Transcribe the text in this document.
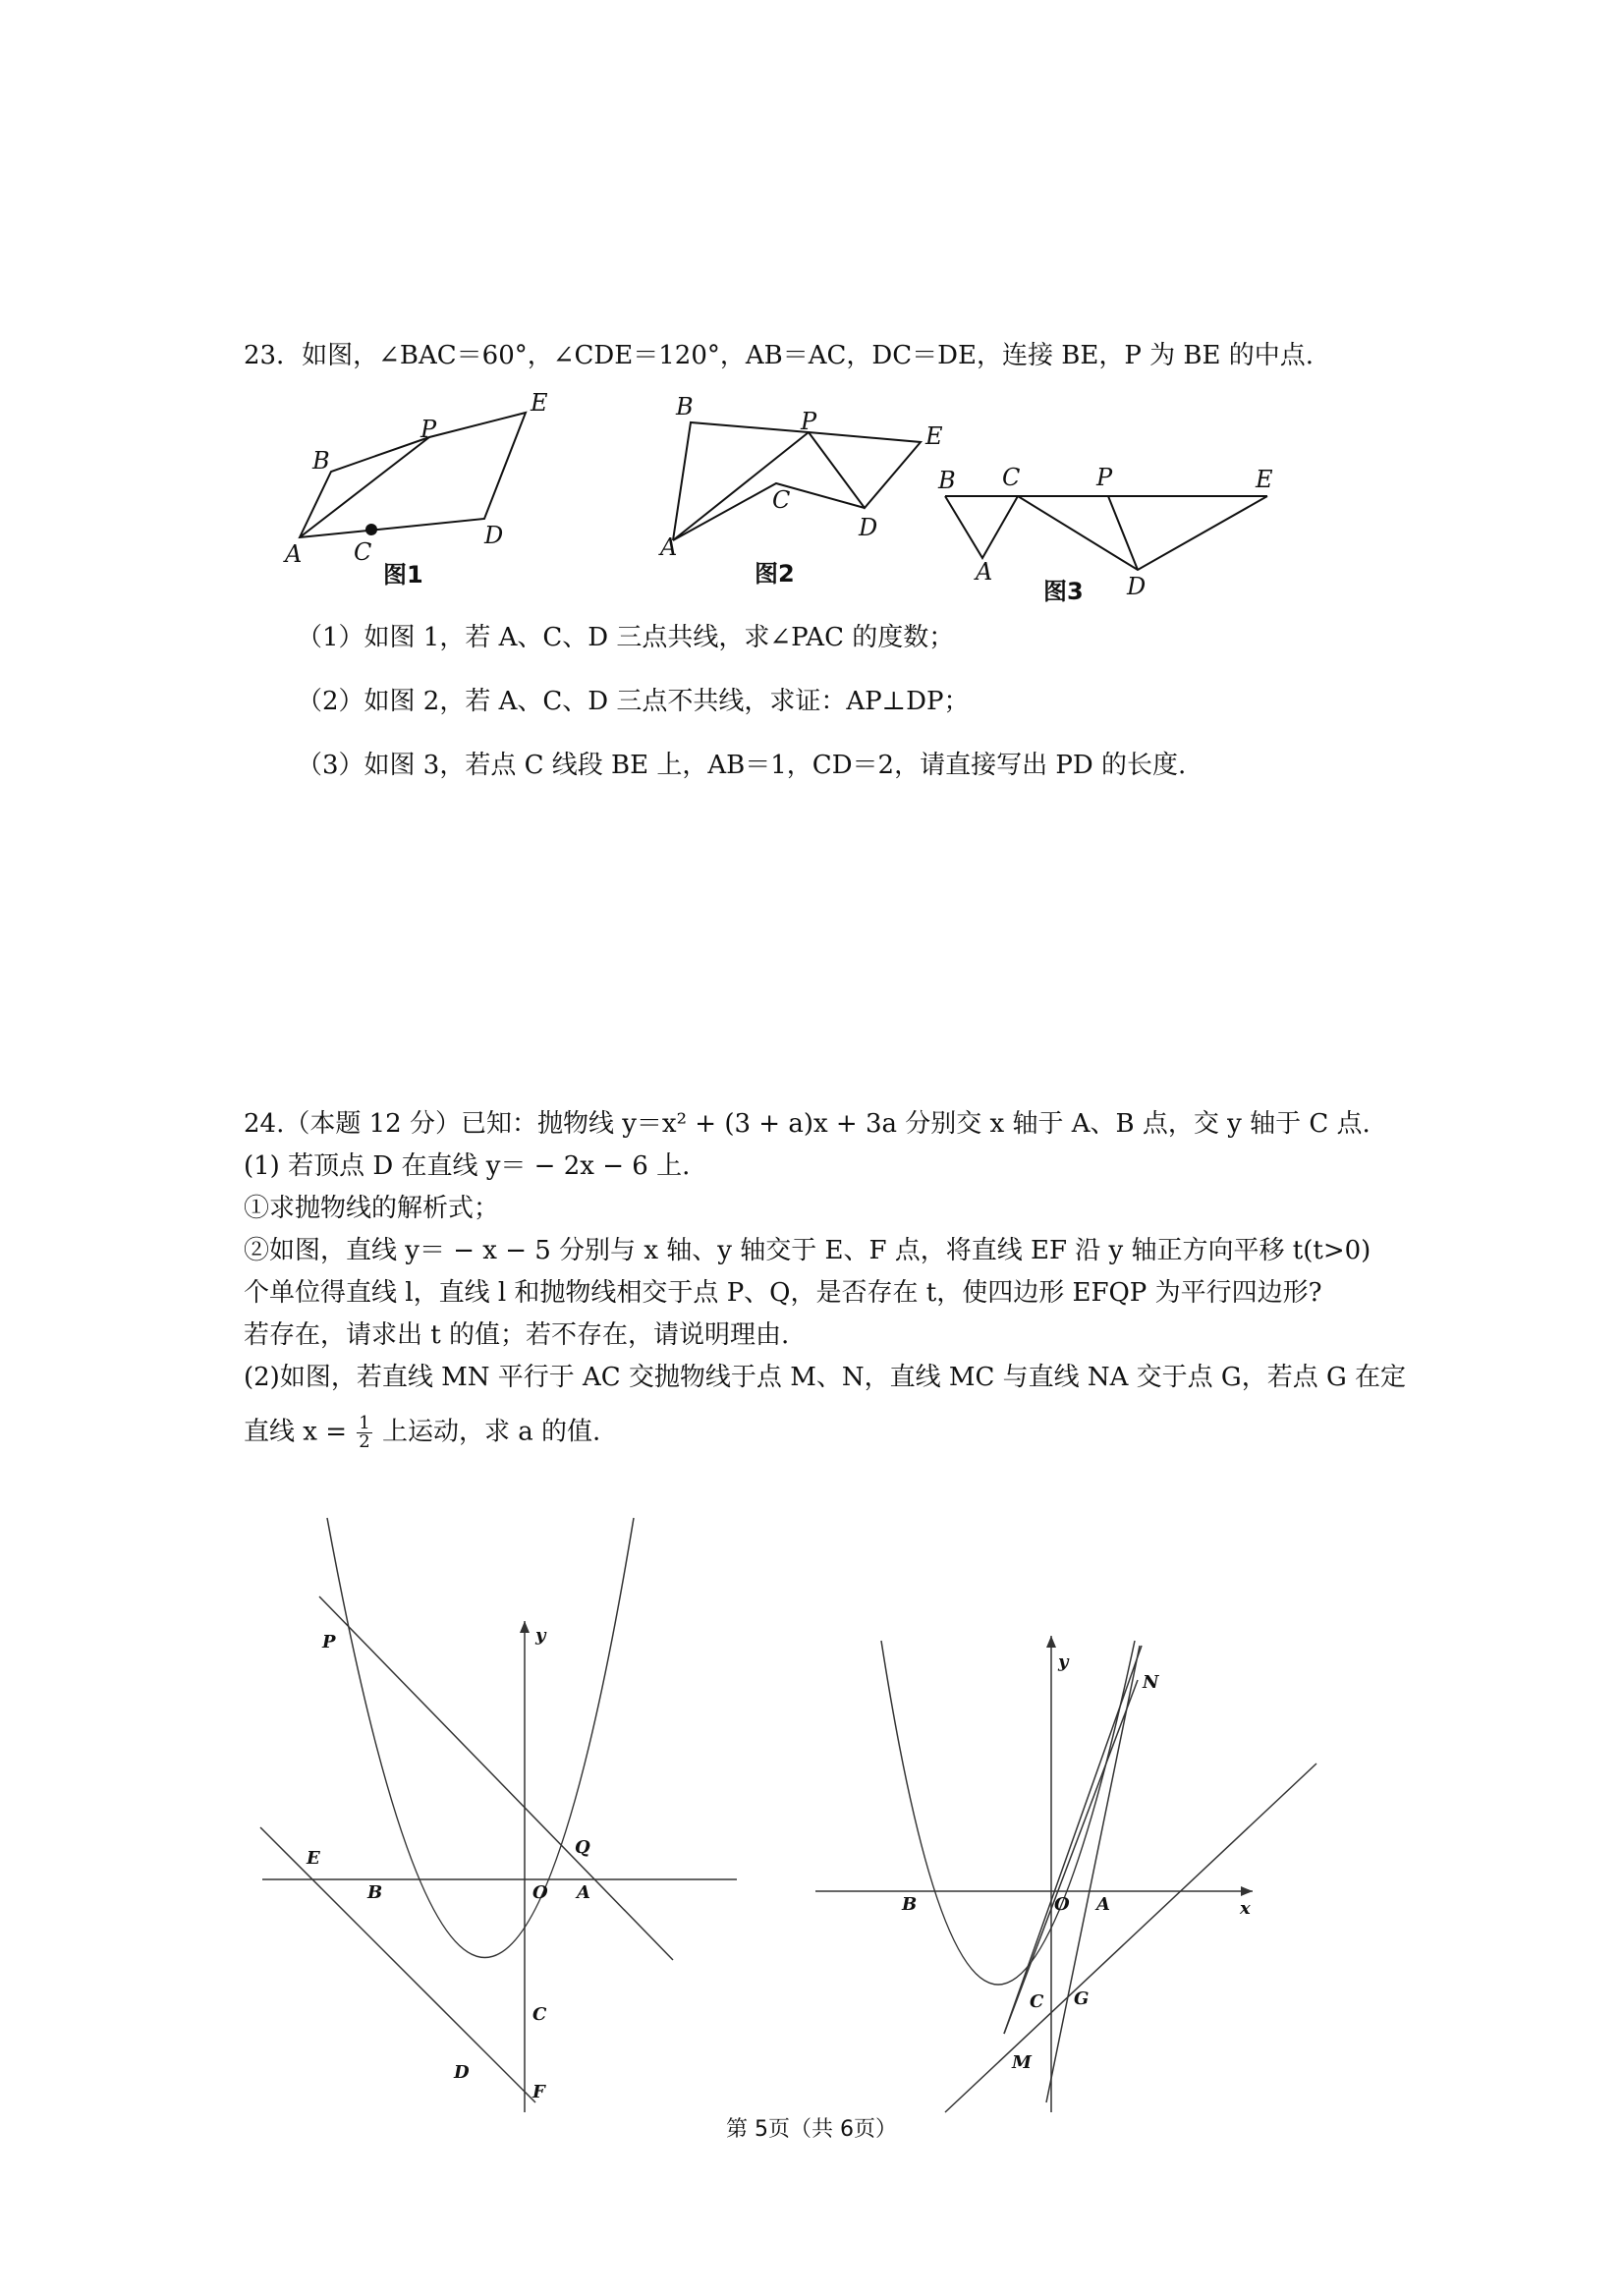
23．如图，∠BAC＝60°，∠CDE＝120°，AB＝AC，DC＝DE，连接 BE，P 为 BE 的中点.
B
P
E
A C
D
图1
B
P
E
C
D
A
图2
B C	P	E
A
D
图3
y
P
Q
E
B	O A
C
D
F
y
x
N
B	O A
C G
M
（1）如图 1，若 A、C、D 三点共线，求∠PAC 的度数；
（2）如图 2，若 A、C、D 三点不共线，求证：AP⊥DP；
（3）如图 3，若点 C 线段 BE 上，AB＝1，CD＝2，请直接写出 PD 的长度.
24.（本题 12 分）已知：抛物线 y＝x² + (3 + a)x + 3a 分别交 x 轴于 A、B 点，交 y 轴于 C 点.
(1) 若顶点 D 在直线 y＝ − 2x − 6 上.
①求抛物线的解析式；
②如图，直线 y＝ − x − 5 分别与 x 轴、y 轴交于 E、F 点，将直线 EF 沿 y 轴正方向平移 t(t>0)
个单位得直线 l，直线 l 和抛物线相交于点 P、Q，是否存在 t，使四边形 EFQP 为平行四边形?
若存在，请求出 t 的值；若不存在，请说明理由.
(2)如图，若直线 MN 平行于 AC 交抛物线于点 M、N，直线 MC 与直线 NA 交于点 G，若点 G 在定
直线 $x = \frac{1}{2}$ 上运动，求 a 的值.
第 5页（共 6页）
